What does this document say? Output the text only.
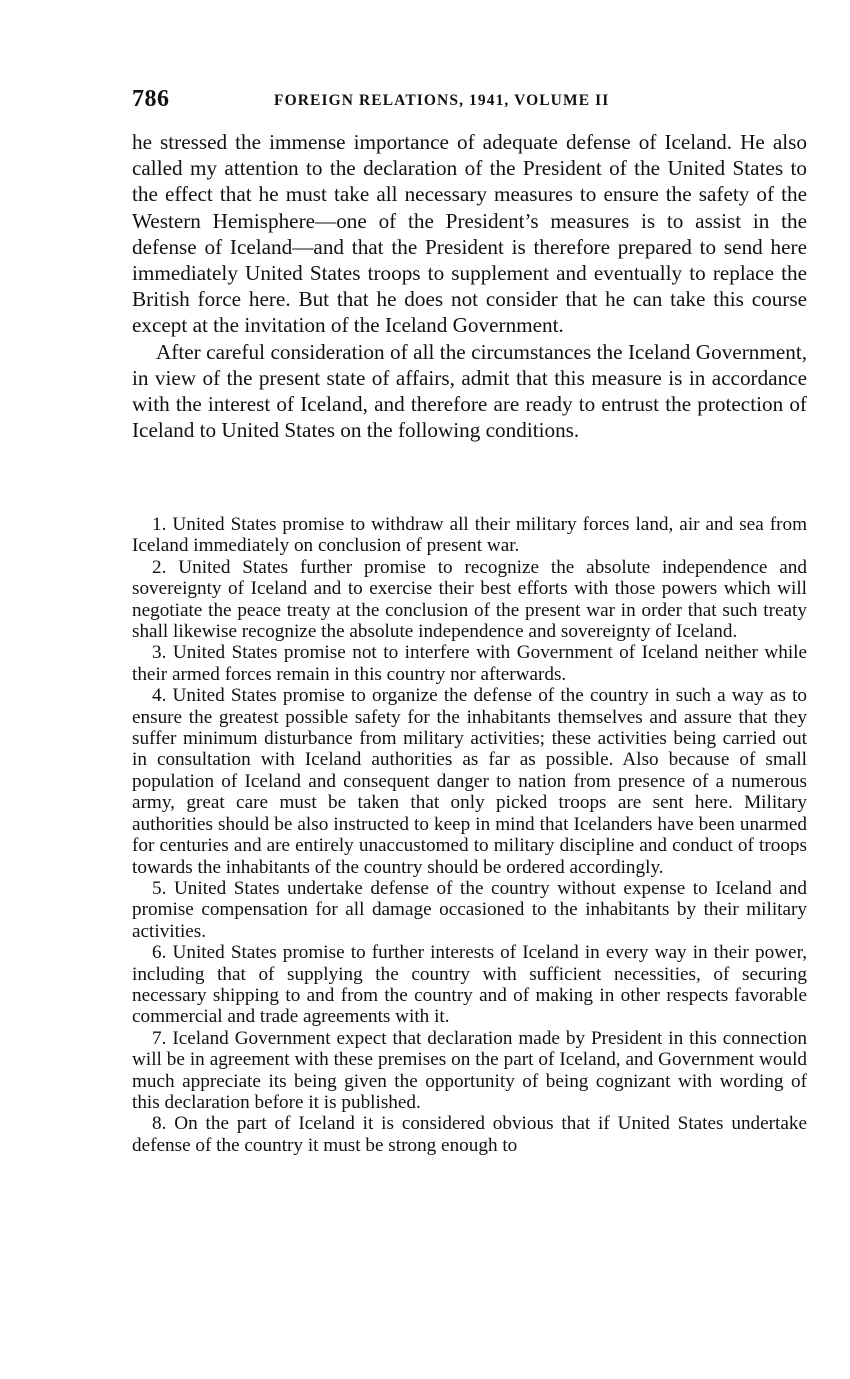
786	FOREIGN RELATIONS, 1941, VOLUME II

he stressed the immense importance of adequate defense of Iceland. He also called my attention to the declaration of the President of the United States to the effect that he must take all necessary measures to ensure the safety of the Western Hemisphere—one of the President’s measures is to assist in the defense of Iceland—and that the President is therefore prepared to send here immediately United States troops to supplement and eventually to replace the British force here. But that he does not consider that he can take this course except at the invitation of the Iceland Government.

After careful consideration of all the circumstances the Iceland Government, in view of the present state of affairs, admit that this measure is in accordance with the interest of Iceland, and therefore are ready to entrust the protection of Iceland to United States on the following conditions.

1. United States promise to withdraw all their military forces land, air and sea from Iceland immediately on conclusion of present war.

2. United States further promise to recognize the absolute independence and sovereignty of Iceland and to exercise their best efforts with those powers which will negotiate the peace treaty at the conclusion of the present war in order that such treaty shall likewise recognize the absolute independence and sovereignty of Iceland.

3. United States promise not to interfere with Government of Iceland neither while their armed forces remain in this country nor afterwards.

4. United States promise to organize the defense of the country in such a way as to ensure the greatest possible safety for the inhabitants themselves and assure that they suffer minimum disturbance from military activities; these activities being carried out in consultation with Iceland authorities as far as possible. Also because of small population of Iceland and consequent danger to nation from presence of a numerous army, great care must be taken that only picked troops are sent here. Military authorities should be also instructed to keep in mind that Icelanders have been unarmed for centuries and are entirely unaccustomed to military discipline and conduct of troops towards the inhabitants of the country should be ordered accordingly.

5. United States undertake defense of the country without expense to Iceland and promise compensation for all damage occasioned to the inhabitants by their military activities.

6. United States promise to further interests of Iceland in every way in their power, including that of supplying the country with sufficient necessities, of securing necessary shipping to and from the country and of making in other respects favorable commercial and trade agreements with it.

7. Iceland Government expect that declaration made by President in this connection will be in agreement with these premises on the part of Iceland, and Government would much appreciate its being given the opportunity of being cognizant with wording of this declaration before it is published.

8. On the part of Iceland it is considered obvious that if United States undertake defense of the country it must be strong enough to
